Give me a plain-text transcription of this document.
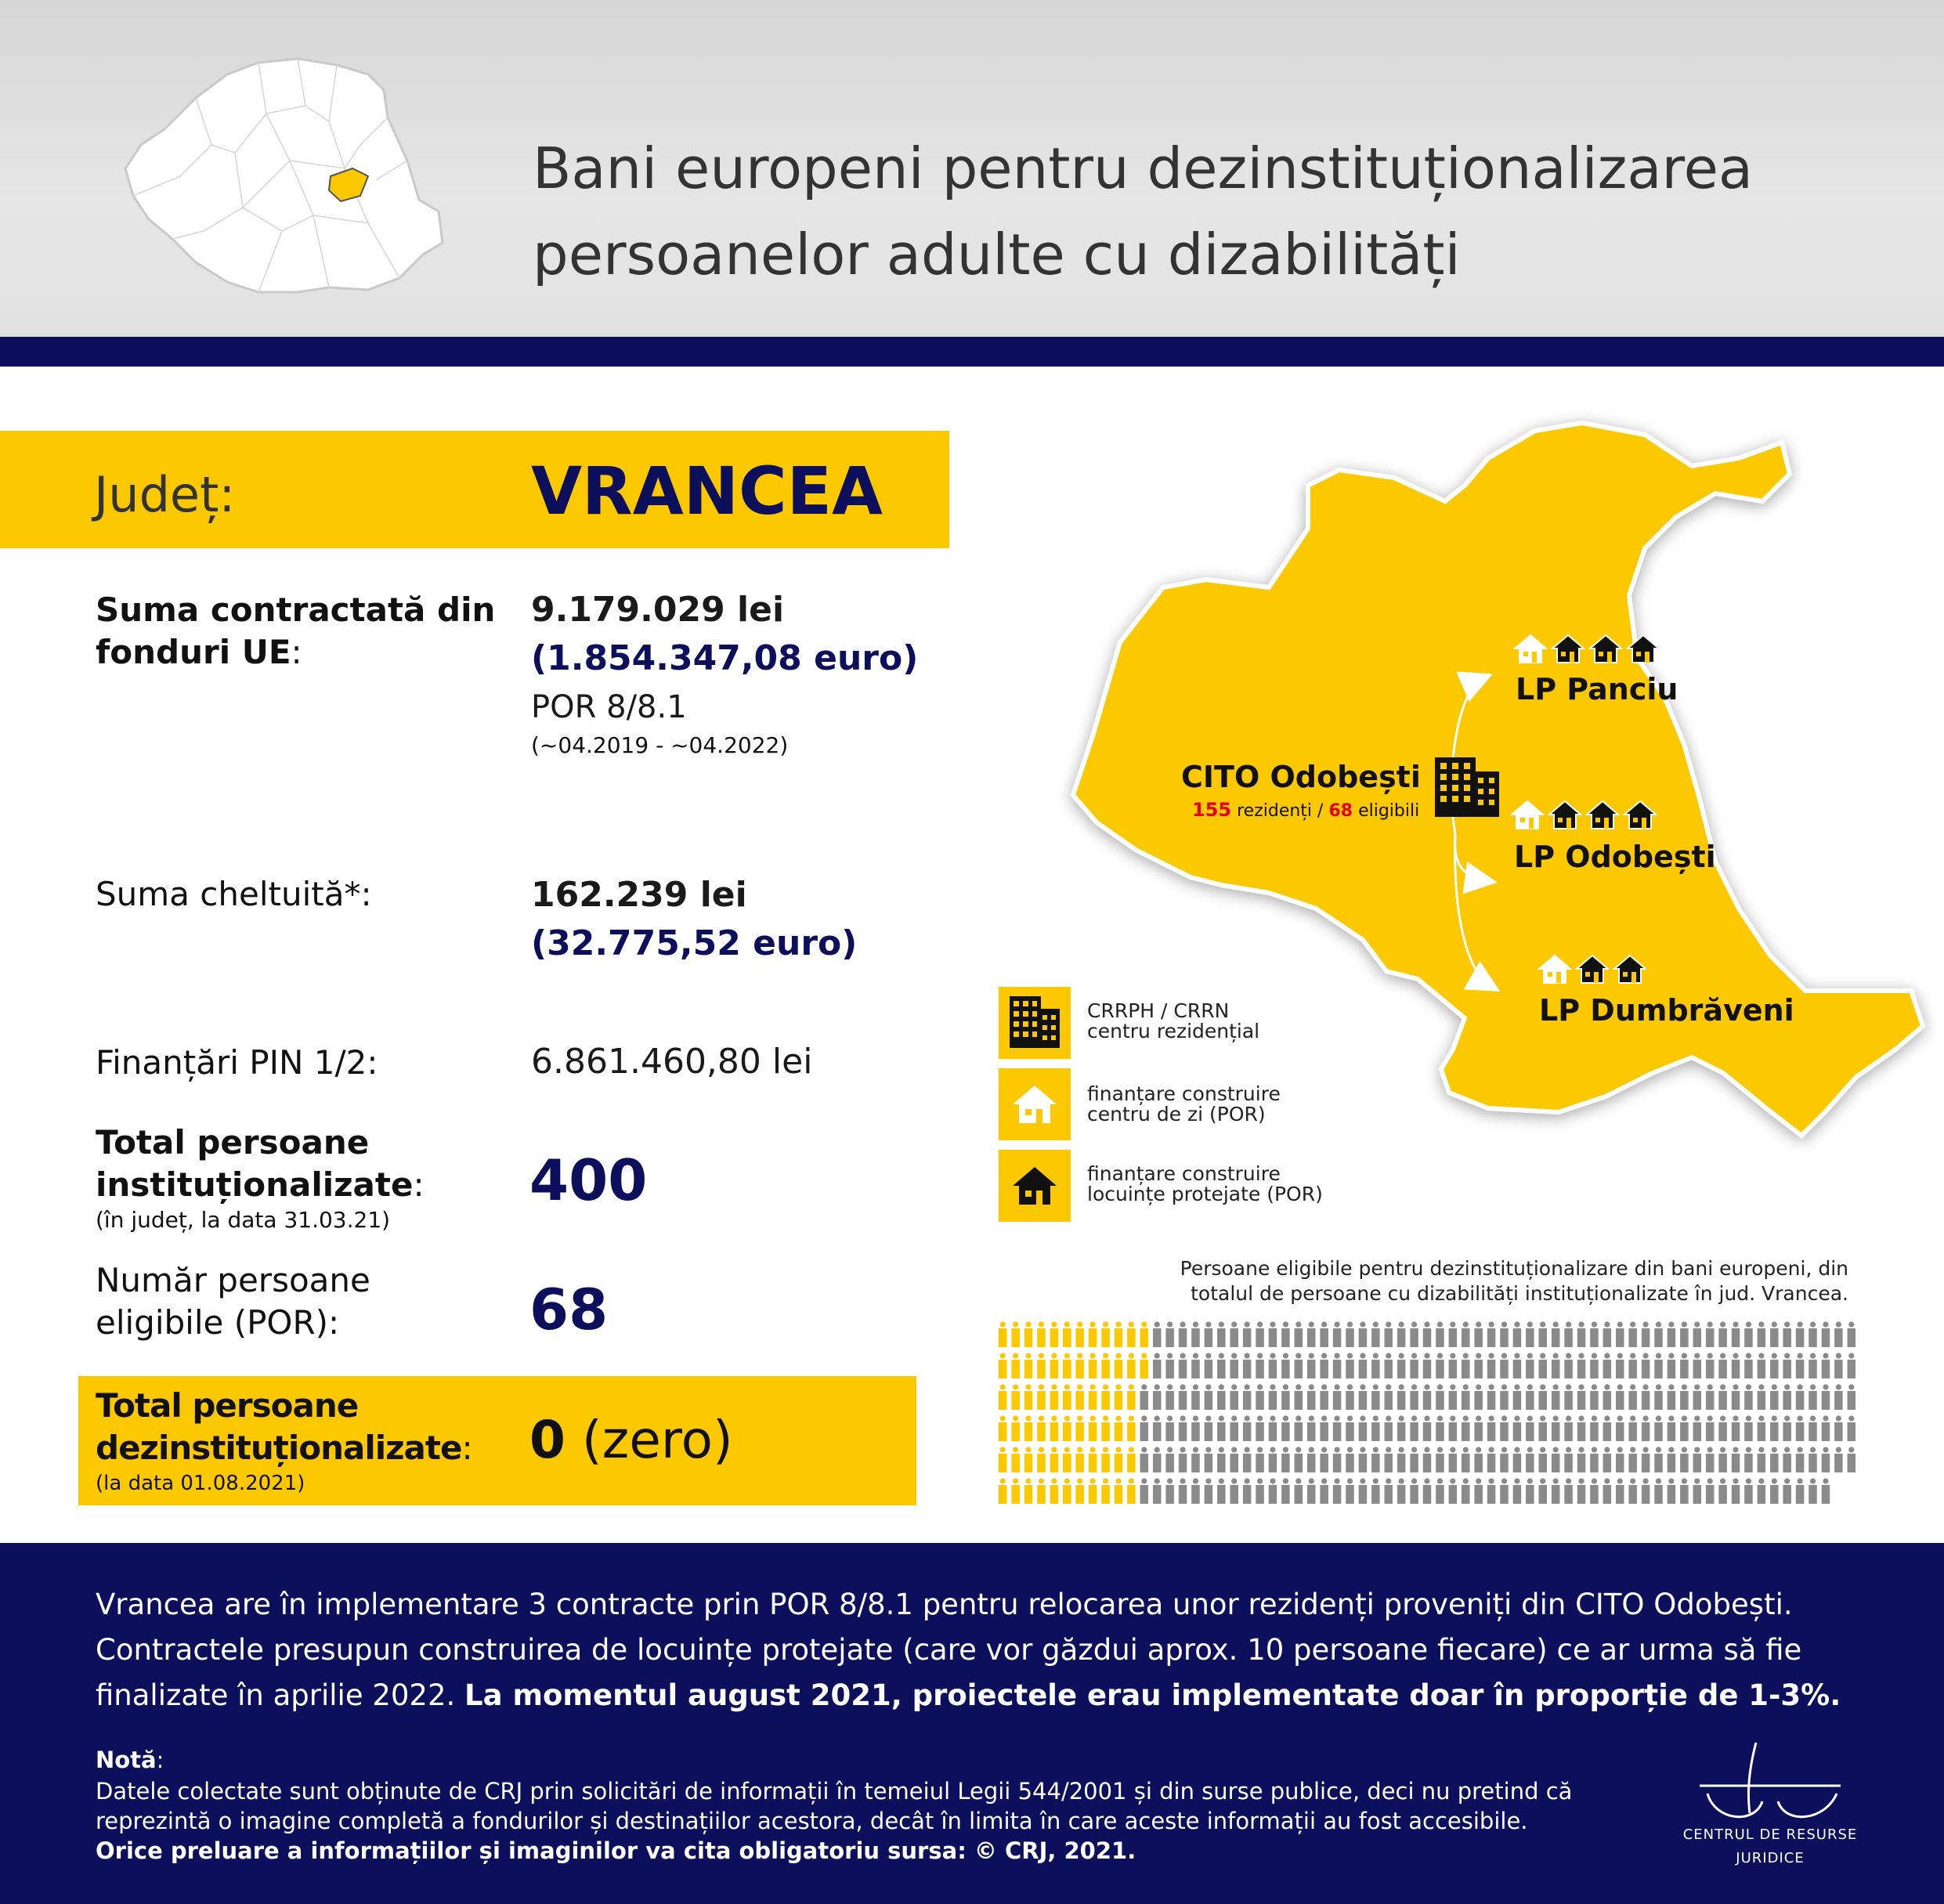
Bani europeni pentru dezinstituționalizarea
persoanelor adulte cu dizabilități
Județ:	VRANCEA
Suma contractată din fonduri UE:
9.179.029 lei
(1.854.347,08 euro)
POR 8/8.1
(~04.2019 - ~04.2022)
Suma cheltuită*:	162.239 lei
(32.775,52 euro)
Finanțări PIN 1/2:	6.861.460,80 lei
Total persoane
instituționalizate:
(în județ, la data 31.03.21)
400
Număr persoane
eligibile (POR):	68
Total persoane
dezinstituționalizate:
(la data 01.08.2021)
0 (zero)
CITO Odobești
155 rezidenți / 68 eligibili
LP Panciu
LP Odobești
LP Dumbrăveni
CRRPH / CRRN
centru rezidențial
finanțare construire
centru de zi (POR)
finanțare construire
locuințe protejate (POR)
Persoane eligibile pentru dezinstituționalizare din bani europeni, din
totalul de persoane cu dizabilități instituționalizate în jud. Vrancea.
Vrancea are în implementare 3 contracte prin POR 8/8.1 pentru relocarea unor rezidenți proveniți din CITO Odobești. Contractele presupun construirea de locuințe protejate (care vor găzdui aprox. 10 persoane fiecare) ce ar urma să fie finalizate în aprilie 2022. La momentul august 2021, proiectele erau implementate doar în proporție de 1-3%.
Notă:
Datele colectate sunt obținute de CRJ prin solicitări de informații în temeiul Legii 544/2001 și din surse publice, deci nu pretind că
reprezintă o imagine completă a fondurilor și destinațiilor acestora, decât în limita în care aceste informații au fost accesibile.
Orice preluare a informațiilor și imaginilor va cita obligatoriu sursa: © CRJ, 2021.
CENTRUL DE RESURSE
JURIDICE
